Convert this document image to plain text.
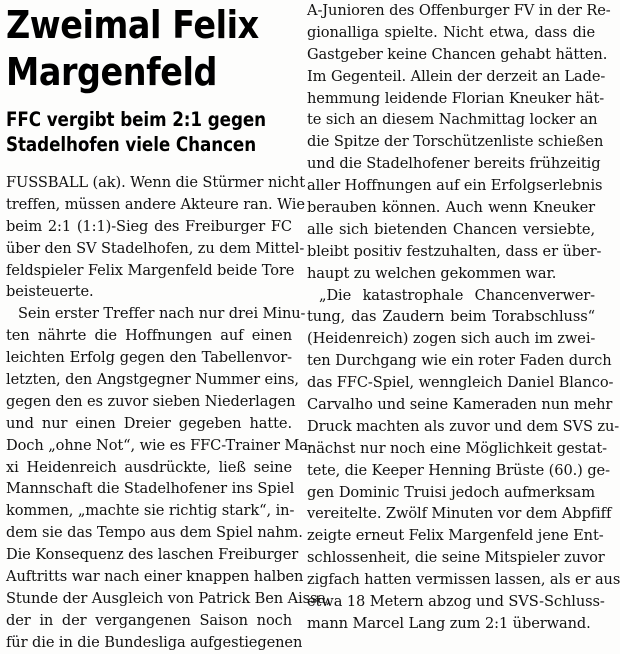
Zweimal Felix
Margenfeld
FFC vergibt beim 2:1 gegen
Stadelhofen viele Chancen
FUSSBALL (ak). Wenn die Stürmer nicht
treffen, müssen andere Akteure ran. Wie
beim 2:1 (1:1)-Sieg des Freiburger FC
über den SV Stadelhofen, zu dem Mittel-
feldspieler Felix Margenfeld beide Tore
beisteuerte.
Sein erster Treffer nach nur drei Minu-
ten nährte die Hoffnungen auf einen
leichten Erfolg gegen den Tabellenvor-
letzten, den Angstgegner Nummer eins,
gegen den es zuvor sieben Niederlagen
und nur einen Dreier gegeben hatte.
Doch „ohne Not“, wie es FFC-Trainer Ma-
xi Heidenreich ausdrückte, ließ seine
Mannschaft die Stadelhofener ins Spiel
kommen, „machte sie richtig stark“, in-
dem sie das Tempo aus dem Spiel nahm.
Die Konsequenz des laschen Freiburger
Auftritts war nach einer knappen halben
Stunde der Ausgleich von Patrick Ben Aissa,
der in der vergangenen Saison noch
für die in die Bundesliga aufgestiegenen
A-Junioren des Offenburger FV in der Re-
gionalliga spielte. Nicht etwa, dass die
Gastgeber keine Chancen gehabt hätten.
Im Gegenteil. Allein der derzeit an Lade-
hemmung leidende Florian Kneuker hät-
te sich an diesem Nachmittag locker an
die Spitze der Torschützenliste schießen
und die Stadelhofener bereits frühzeitig
aller Hoffnungen auf ein Erfolgserlebnis
berauben können. Auch wenn Kneuker
alle sich bietenden Chancen versiebte,
bleibt positiv festzuhalten, dass er über-
haupt zu welchen gekommen war.
„Die katastrophale Chancenverwer-
tung, das Zaudern beim Torabschluss“
(Heidenreich) zogen sich auch im zwei-
ten Durchgang wie ein roter Faden durch
das FFC-Spiel, wenngleich Daniel Blanco-
Carvalho und seine Kameraden nun mehr
Druck machten als zuvor und dem SVS zu-
nächst nur noch eine Möglichkeit gestat-
tete, die Keeper Henning Brüste (60.) ge-
gen Dominic Truisi jedoch aufmerksam
vereitelte. Zwölf Minuten vor dem Abpfiff
zeigte erneut Felix Margenfeld jene Ent-
schlossenheit, die seine Mitspieler zuvor
zigfach hatten vermissen lassen, als er aus
etwa 18 Metern abzog und SVS-Schluss-
mann Marcel Lang zum 2:1 überwand.
